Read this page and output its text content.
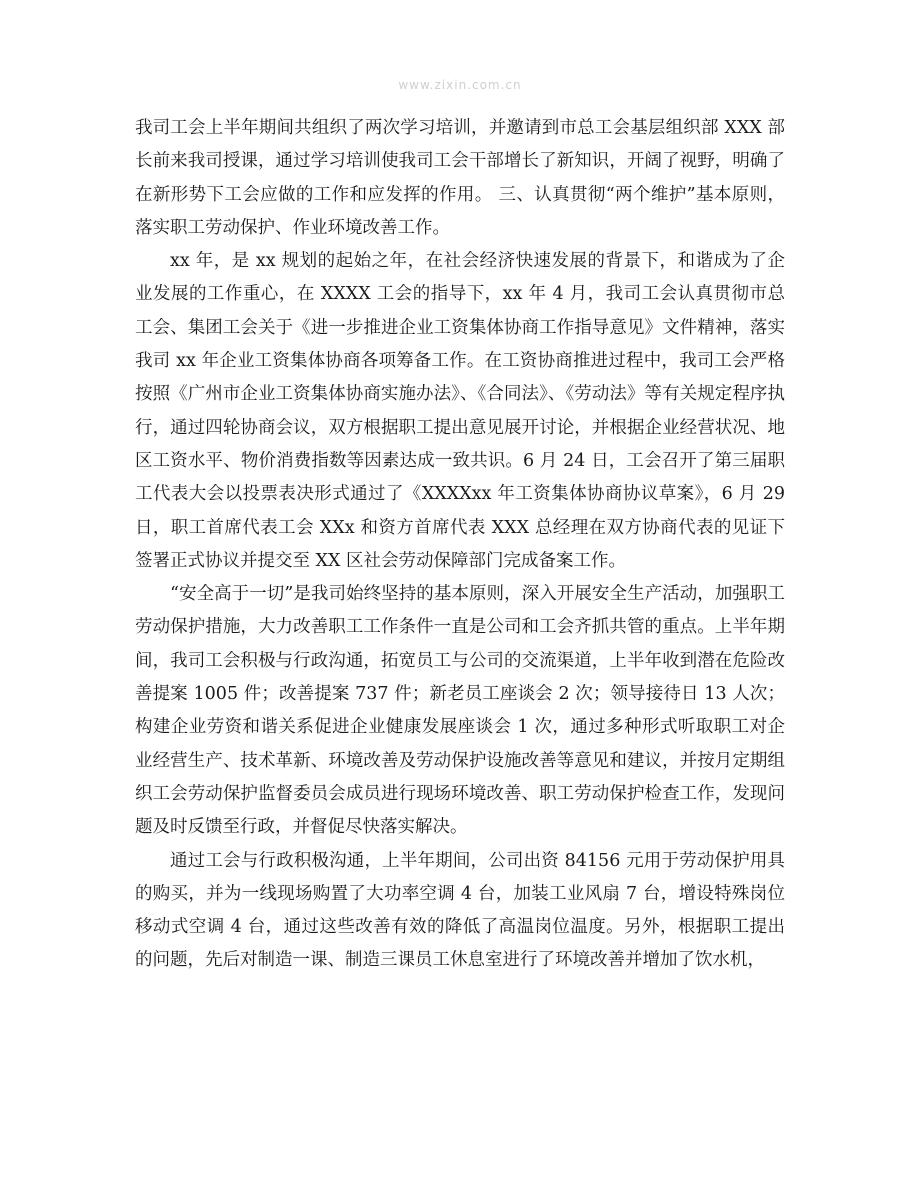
www.zixin.com.cn

我司工会上半年期间共组织了两次学习培训，并邀请到市总工会基层组织部 XXX 部长前来我司授课，通过学习培训使我司工会干部增长了新知识，开阔了视野，明确了在新形势下工会应做的工作和应发挥的作用。 三、认真贯彻“两个维护”基本原则，落实职工劳动保护、作业环境改善工作。

xx 年，是 xx 规划的起始之年，在社会经济快速发展的背景下，和谐成为了企业发展的工作重心，在 XXXX 工会的指导下，xx 年 4 月，我司工会认真贯彻市总工会、集团工会关于《进一步推进企业工资集体协商工作指导意见》文件精神，落实我司 xx 年企业工资集体协商各项筹备工作。在工资协商推进过程中，我司工会严格按照《广州市企业工资集体协商实施办法》、《合同法》、《劳动法》等有关规定程序执行，通过四轮协商会议，双方根据职工提出意见展开讨论，并根据企业经营状况、地区工资水平、物价消费指数等因素达成一致共识。6 月 24 日，工会召开了第三届职工代表大会以投票表决形式通过了《XXXXxx 年工资集体协商协议草案》，6 月 29 日，职工首席代表工会 XXx 和资方首席代表 XXX 总经理在双方协商代表的见证下签署正式协议并提交至 XX 区社会劳动保障部门完成备案工作。

“安全高于一切”是我司始终坚持的基本原则，深入开展安全生产活动，加强职工劳动保护措施，大力改善职工工作条件一直是公司和工会齐抓共管的重点。上半年期间，我司工会积极与行政沟通，拓宽员工与公司的交流渠道，上半年收到潜在危险改善提案 1005 件；改善提案 737 件；新老员工座谈会 2 次；领导接待日 13 人次；构建企业劳资和谐关系促进企业健康发展座谈会 1 次，通过多种形式听取职工对企业经营生产、技术革新、环境改善及劳动保护设施改善等意见和建议，并按月定期组织工会劳动保护监督委员会成员进行现场环境改善、职工劳动保护检查工作，发现问题及时反馈至行政，并督促尽快落实解决。

通过工会与行政积极沟通，上半年期间，公司出资 84156 元用于劳动保护用具的购买，并为一线现场购置了大功率空调 4 台，加装工业风扇 7 台，增设特殊岗位移动式空调 4 台，通过这些改善有效的降低了高温岗位温度。另外，根据职工提出的问题，先后对制造一课、制造三课员工休息室进行了环境改善并增加了饮水机，
